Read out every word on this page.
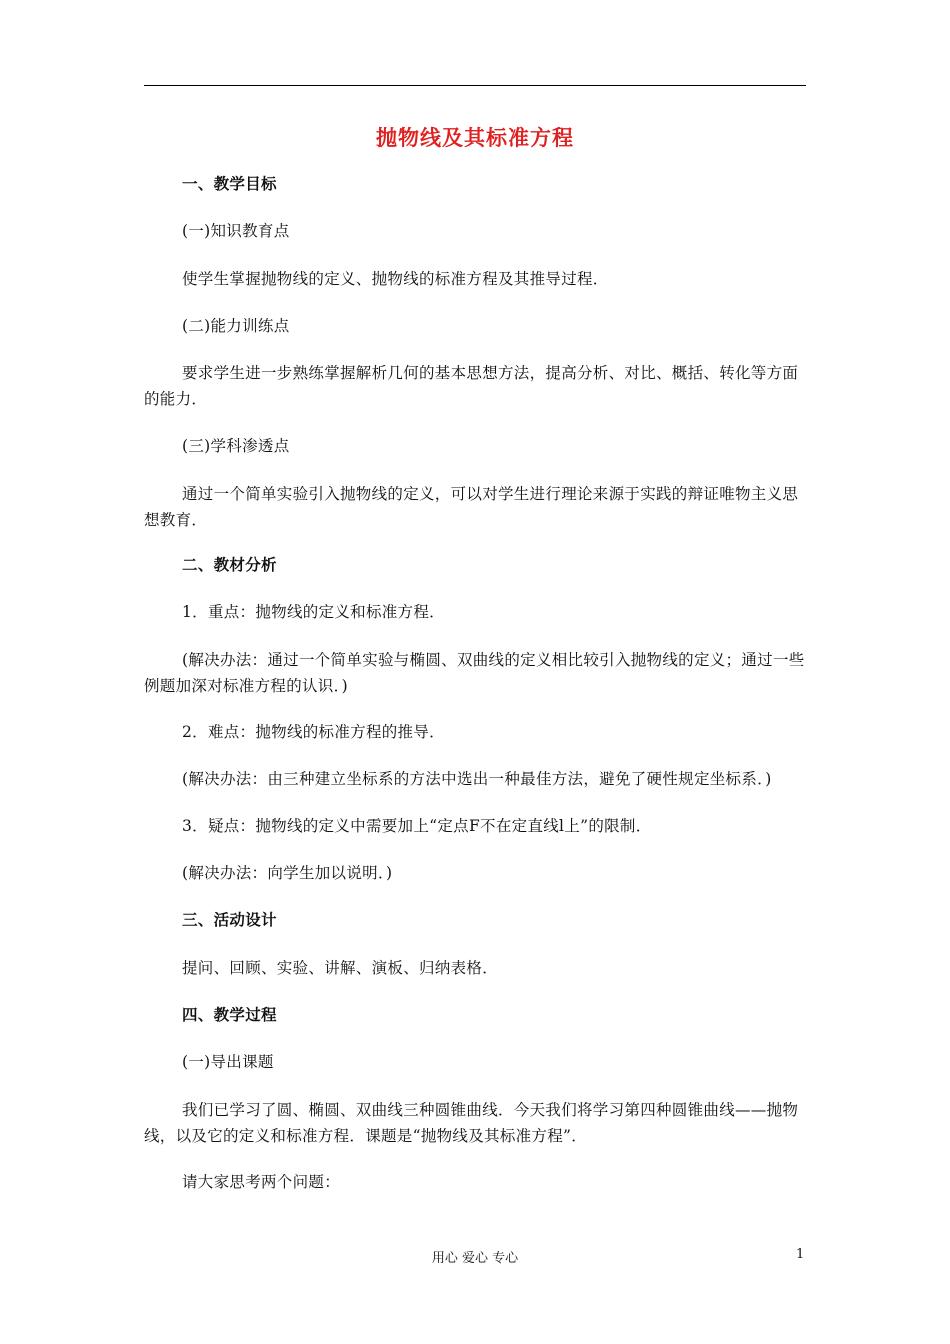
抛物线及其标准方程
一、教学目标
(一)知识教育点
使学生掌握抛物线的定义、抛物线的标准方程及其推导过程．
(二)能力训练点
要求学生进一步熟练掌握解析几何的基本思想方法，提高分析、对比、概括、转化等方面的能力．
(三)学科渗透点
通过一个简单实验引入抛物线的定义，可以对学生进行理论来源于实践的辩证唯物主义思想教育．
二、教材分析
1．重点：抛物线的定义和标准方程．
(解决办法：通过一个简单实验与椭圆、双曲线的定义相比较引入抛物线的定义；通过一些例题加深对标准方程的认识．)
2．难点：抛物线的标准方程的推导．
(解决办法：由三种建立坐标系的方法中选出一种最佳方法，避免了硬性规定坐标系．)
3．疑点：抛物线的定义中需要加上“定点F不在定直线l上”的限制．
(解决办法：向学生加以说明．)
三、活动设计
提问、回顾、实验、讲解、演板、归纳表格．
四、教学过程
(一)导出课题
我们已学习了圆、椭圆、双曲线三种圆锥曲线．今天我们将学习第四种圆锥曲线——抛物线，以及它的定义和标准方程．课题是“抛物线及其标准方程”．
请大家思考两个问题：
用心 爱心 专心	1
